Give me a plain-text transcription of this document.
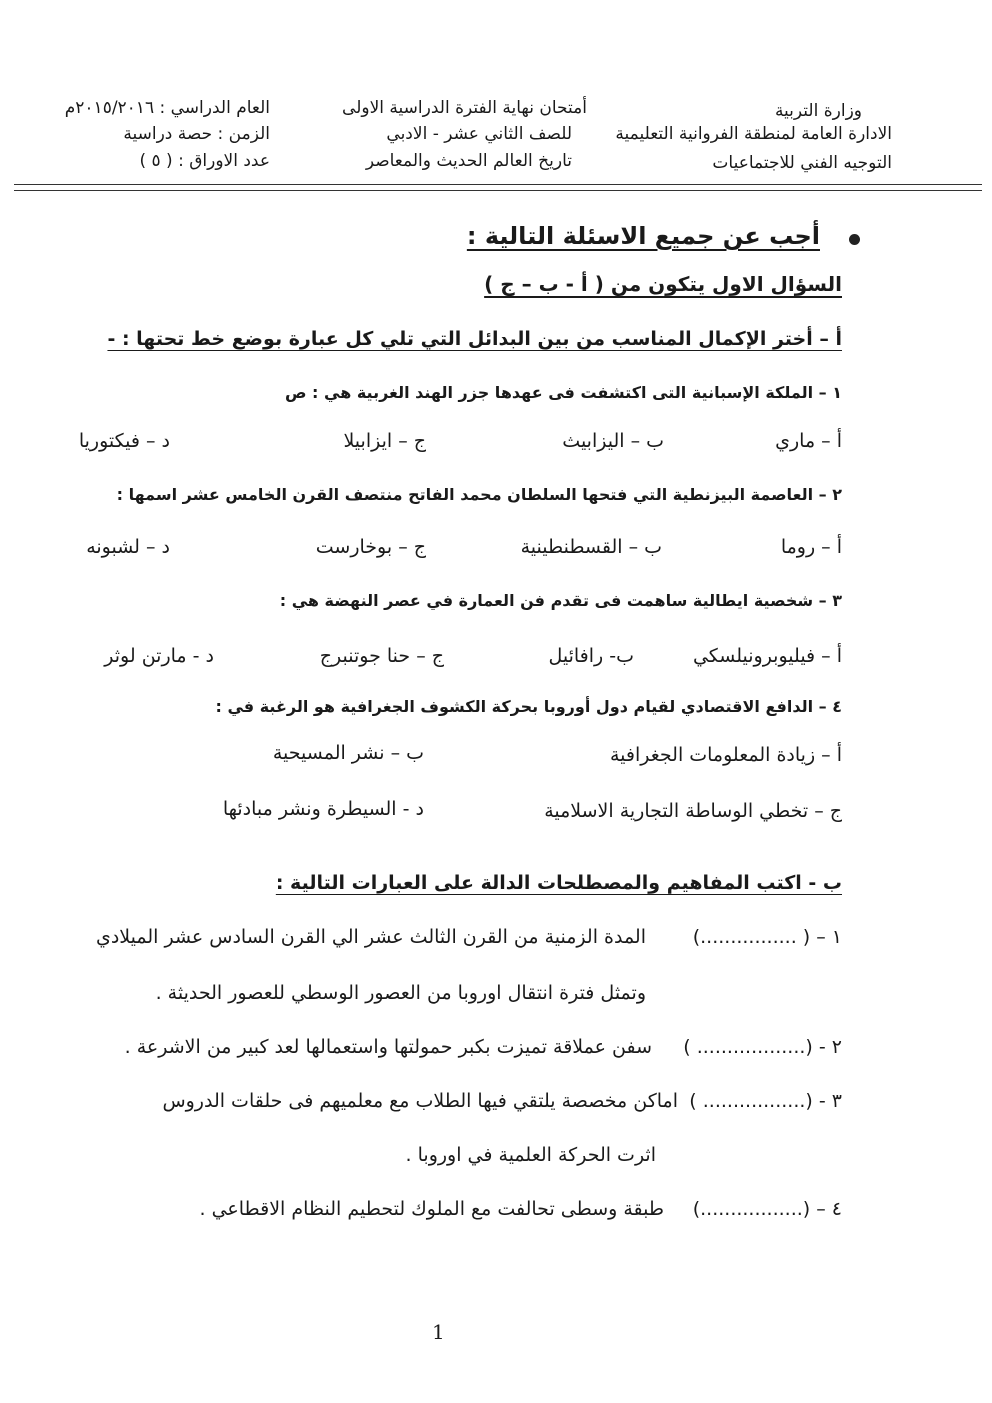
وزارة التربية
الادارة العامة لمنطقة الفروانية التعليمية
التوجيه الفني للاجتماعيات
أمتحان نهاية الفترة الدراسية الاولى
للصف الثاني عشر - الادبي
تاريخ العالم الحديث والمعاصر
العام الدراسي : ٢٠١٥/٢٠١٦م
الزمن : حصة دراسية
عدد الاوراق : ( ٥ )
أجب عن جميع الاسئلة التالية :
السؤال الاول يتكون من ( أ - ب – ج )
أ – أختر الإكمال المناسب من بين البدائل التي تلي كل عبارة بوضع خط تحتها : -
١ – الملكة الإسبانية التى اكتشفت فى عهدها جزر الهند الغربية هي : ص
أ – ماري
ب – اليزابيث
ج – ايزابيلا
د – فيكتوريا
٢ – العاصمة البيزنطية التي فتحها السلطان محمد الفاتح منتصف القرن الخامس عشر اسمها :
أ – روما
ب – القسطنطينية
ج – بوخارست
د – لشبونه
٣ – شخصية ايطالية ساهمت فى تقدم فن العمارة في عصر النهضة هي :
أ – فيليوبرونيلسكي
ب- رافائيل
ج – حنا جوتنبرج
د - مارتن لوثر
٤ – الدافع الاقتصادي لقيام دول أوروبا بحركة الكشوف الجغرافية هو الرغبة في :
أ – زيادة المعلومات الجغرافية
ب – نشر المسيحية
ج – تخطي الوساطة التجارية الاسلامية
د - السيطرة ونشر مبادئها
ب - اكتب المفاهيم والمصطلحات الدالة على العبارات التالية :
١ – ( ................)
المدة الزمنية من القرن الثالث عشر الي القرن السادس عشر الميلادي
وتمثل فترة انتقال اوروبا من العصور الوسطي للعصور الحديثة .
٢ - (.................. )
سفن عملاقة تميزت بكبر حمولتها واستعمالها لعد كبير من الاشرعة .
٣ - (................. )
اماكن مخصصة يلتقي فيها الطلاب مع معلميهم فى حلقات الدروس
اثرت الحركة العلمية في اوروبا .
٤ – (.................)
طبقة وسطى تحالفت مع الملوك لتحطيم النظام الاقطاعي .
1
